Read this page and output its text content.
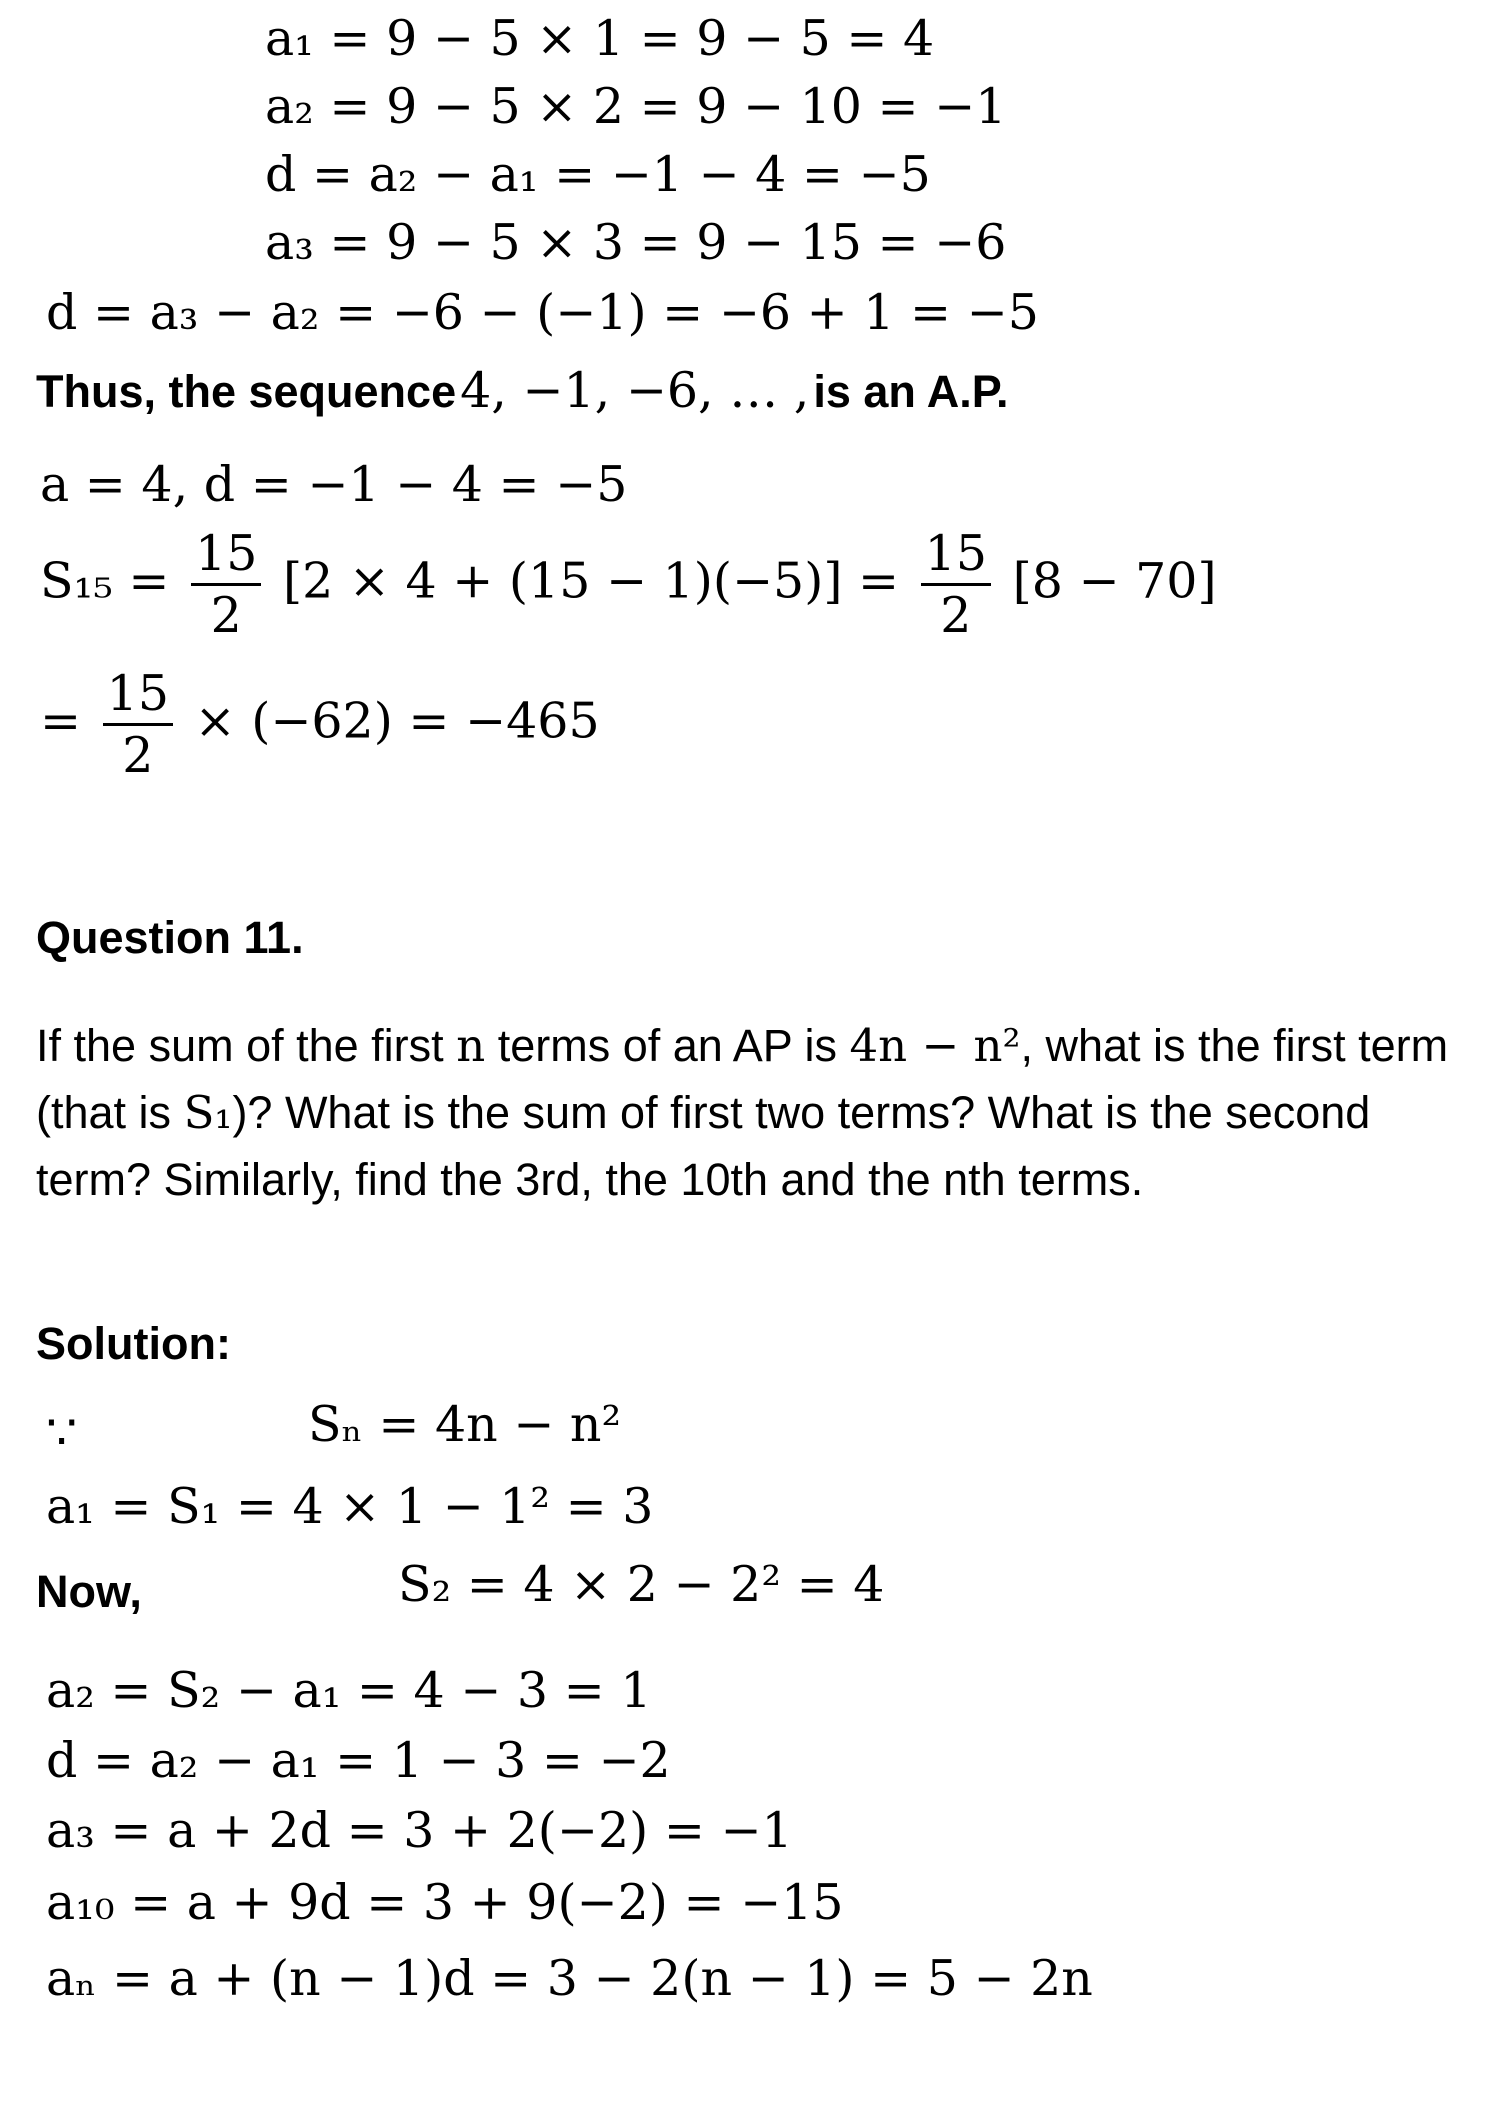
a₁ = 9 − 5 × 1 = 9 − 5 = 4
a₂ = 9 − 5 × 2 = 9 − 10 = −1
d = a₂ − a₁ = −1 − 4 = −5
a₃ = 9 − 5 × 3 = 9 − 15 = −6
d = a₃ − a₂ = −6 − (−1) = −6 + 1 = −5
Thus, the sequence 4, −1, −6, … , is an A.P.
a = 4, d = −1 − 4 = −5
$S_{15} = \frac{15}{2} [2 \times 4 + (15 - 1)(-5)] = \frac{15}{2} [8 - 70]$
= $\frac{15}{2} \times (-62) = -465$
Question 11.
If the sum of the first n terms of an AP is 4n − n², what is the first term (that is S₁)? What is the sum of first two terms? What is the second term? Similarly, find the 3rd, the 10th and the nth terms.
Solution:
∵	Sₙ = 4n − n²
a₁ = S₁ = 4 × 1 − 1² = 3
Now,	S₂ = 4 × 2 − 2² = 4
a₂ = S₂ − a₁ = 4 − 3 = 1
d = a₂ − a₁ = 1 − 3 = −2
a₃ = a + 2d = 3 + 2(−2) = −1
a₁₀ = a + 9d = 3 + 9(−2) = −15
aₙ = a + (n − 1)d = 3 − 2(n − 1) = 5 − 2n
